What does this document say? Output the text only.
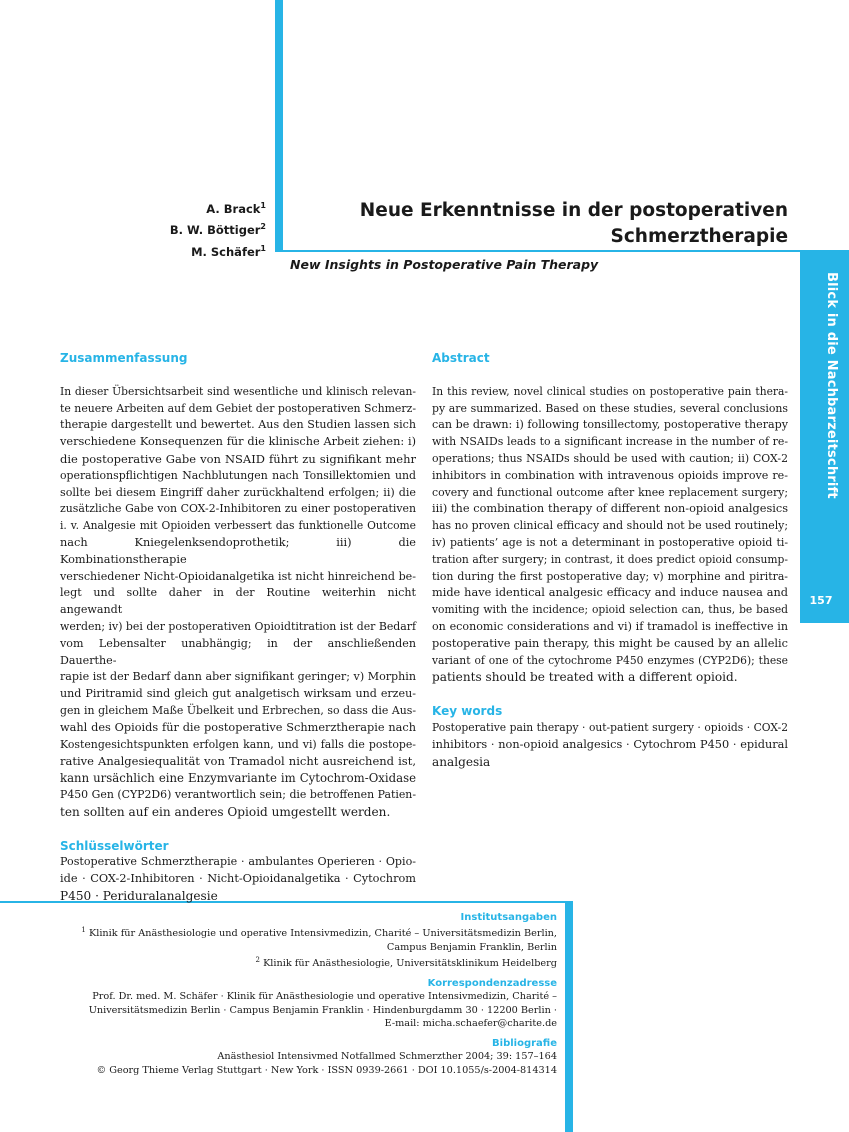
Blick in die Nachbarzeitschrift
157
A. Brack$^1$
B. W. Böttiger$^2$
M. Schäfer$^1$
Neue Erkenntnisse in der postoperativen
Schmerztherapie
New Insights in Postoperative Pain Therapy
Zusammenfassung
In dieser Übersichtsarbeit sind wesentliche und klinisch relevan-
te neuere Arbeiten auf dem Gebiet der postoperativen Schmerz-
therapie dargestellt und bewertet. Aus den Studien lassen sich
verschiedene Konsequenzen für die klinische Arbeit ziehen: i)
die postoperative Gabe von NSAID führt zu signifikant mehr
operationspflichtigen Nachblutungen nach Tonsillektomien und
sollte bei diesem Eingriff daher zurückhaltend erfolgen; ii) die
zusätzliche Gabe von COX-2-Inhibitoren zu einer postoperativen
i. v. Analgesie mit Opioiden verbessert das funktionelle Outcome
nach Kniegelenksendoprothetik; iii) die Kombinationstherapie
verschiedener Nicht-Opioidanalgetika ist nicht hinreichend be-
legt und sollte daher in der Routine weiterhin nicht angewandt
werden; iv) bei der postoperativen Opioidtitration ist der Bedarf
vom Lebensalter unabhängig; in der anschließenden Dauerthe-
rapie ist der Bedarf dann aber signifikant geringer; v) Morphin
und Piritramid sind gleich gut analgetisch wirksam und erzeu-
gen in gleichem Maße Übelkeit und Erbrechen, so dass die Aus-
wahl des Opioids für die postoperative Schmerztherapie nach
Kostengesichtspunkten erfolgen kann, und vi) falls die postope-
rative Analgesiequalität von Tramadol nicht ausreichend ist,
kann ursächlich eine Enzymvariante im Cytochrom-Oxidase
P450 Gen (CYP2D6) verantwortlich sein; die betroffenen Patien-
ten sollten auf ein anderes Opioid umgestellt werden.
Schlüsselwörter
Postoperative Schmerztherapie · ambulantes Operieren · Opio-
ide · COX-2-Inhibitoren · Nicht-Opioidanalgetika · Cytochrom
P450 · Periduralanalgesie
Abstract
In this review, novel clinical studies on postoperative pain thera-
py are summarized. Based on these studies, several conclusions
can be drawn: i) following tonsillectomy, postoperative therapy
with NSAIDs leads to a significant increase in the number of re-
operations; thus NSAIDs should be used with caution; ii) COX-2
inhibitors in combination with intravenous opioids improve re-
covery and functional outcome after knee replacement surgery;
iii) the combination therapy of different non-opioid analgesics
has no proven clinical efficacy and should not be used routinely;
iv) patients’ age is not a determinant in postoperative opioid ti-
tration after surgery; in contrast, it does predict opioid consump-
tion during the first postoperative day; v) morphine and piritra-
mide have identical analgesic efficacy and induce nausea and
vomiting with the incidence; opioid selection can, thus, be based
on economic considerations and vi) if tramadol is ineffective in
postoperative pain therapy, this might be caused by an allelic
variant of one of the cytochrome P450 enzymes (CYP2D6); these
patients should be treated with a different opioid.
Key words
Postoperative pain therapy · out-patient surgery · opioids · COX-2
inhibitors · non-opioid analgesics · Cytochrom P450 · epidural
analgesia
Institutsangaben
$^1$ Klinik für Anästhesiologie und operative Intensivmedizin, Charité – Universitätsmedizin Berlin,
Campus Benjamin Franklin, Berlin
$^2$ Klinik für Anästhesiologie, Universitätsklinikum Heidelberg
Korrespondenzadresse
Prof. Dr. med. M. Schäfer · Klinik für Anästhesiologie und operative Intensivmedizin, Charité –
Universitätsmedizin Berlin · Campus Benjamin Franklin · Hindenburgdamm 30 · 12200 Berlin ·
E-mail: micha.schaefer@charite.de
Bibliografie
Anästhesiol Intensivmed Notfallmed Schmerzther 2004; 39: 157–164
© Georg Thieme Verlag Stuttgart · New York · ISSN 0939-2661 · DOI 10.1055/s-2004-814314
